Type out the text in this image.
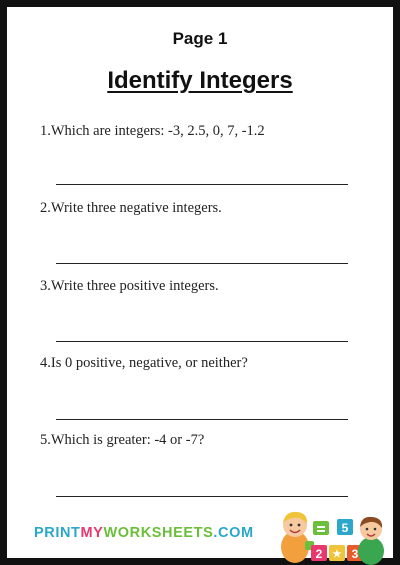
Page 1
Identify Integers
1.Which are integers: -3, 2.5, 0, 7, -1.2
2.Write three negative integers.
3.Write three positive integers.
4.Is 0 positive, negative, or neither?
5.Which is greater: -4 or -7?
PRINTMYWORKSHEETS.COM	5
2 ★ 3
